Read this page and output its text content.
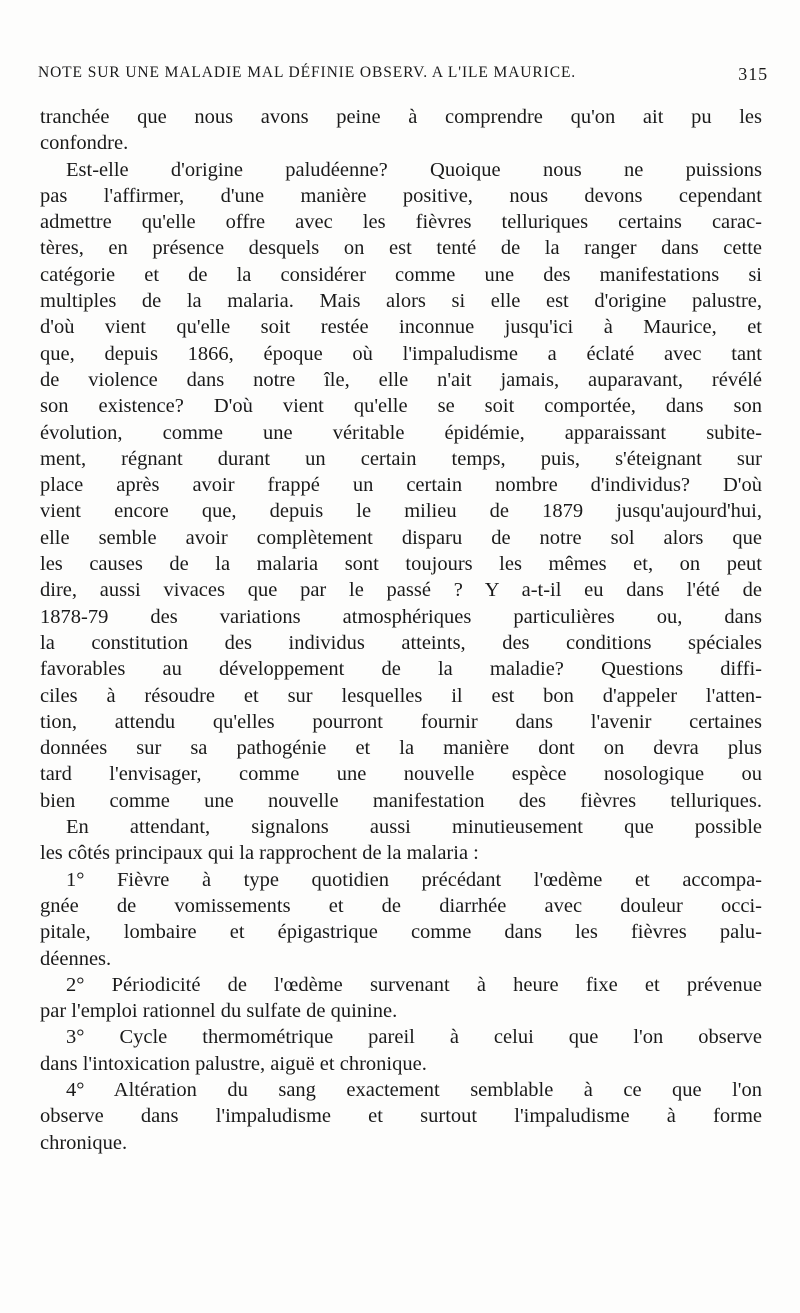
NOTE SUR UNE MALADIE MAL DÉFINIE OBSERV. A L'ILE MAURICE.	315
tranchée que nous avons peine à comprendre qu'on ait pu les
confondre.
Est-elle d'origine paludéenne? Quoique nous ne puissions
pas l'affirmer, d'une manière positive, nous devons cependant
admettre qu'elle offre avec les fièvres telluriques certains carac-
tères, en présence desquels on est tenté de la ranger dans cette
catégorie et de la considérer comme une des manifestations si
multiples de la malaria. Mais alors si elle est d'origine palustre,
d'où vient qu'elle soit restée inconnue jusqu'ici à Maurice, et
que, depuis 1866, époque où l'impaludisme a éclaté avec tant
de violence dans notre île, elle n'ait jamais, auparavant, révélé
son existence? D'où vient qu'elle se soit comportée, dans son
évolution, comme une véritable épidémie, apparaissant subite-
ment, régnant durant un certain temps, puis, s'éteignant sur
place après avoir frappé un certain nombre d'individus? D'où
vient encore que, depuis le milieu de 1879 jusqu'aujourd'hui,
elle semble avoir complètement disparu de notre sol alors que
les causes de la malaria sont toujours les mêmes et, on peut
dire, aussi vivaces que par le passé ? Y a-t-il eu dans l'été de
1878-79 des variations atmosphériques particulières ou, dans
la constitution des individus atteints, des conditions spéciales
favorables au développement de la maladie? Questions diffi-
ciles à résoudre et sur lesquelles il est bon d'appeler l'atten-
tion, attendu qu'elles pourront fournir dans l'avenir certaines
données sur sa pathogénie et la manière dont on devra plus
tard l'envisager, comme une nouvelle espèce nosologique ou
bien comme une nouvelle manifestation des fièvres telluriques.
En attendant, signalons aussi minutieusement que possible
les côtés principaux qui la rapprochent de la malaria :
1° Fièvre à type quotidien précédant l'œdème et accompa-
gnée de vomissements et de diarrhée avec douleur occi-
pitale, lombaire et épigastrique comme dans les fièvres palu-
déennes.
2° Périodicité de l'œdème survenant à heure fixe et prévenue
par l'emploi rationnel du sulfate de quinine.
3° Cycle thermométrique pareil à celui que l'on observe
dans l'intoxication palustre, aiguë et chronique.
4° Altération du sang exactement semblable à ce que l'on
observe dans l'impaludisme et surtout l'impaludisme à forme
chronique.
